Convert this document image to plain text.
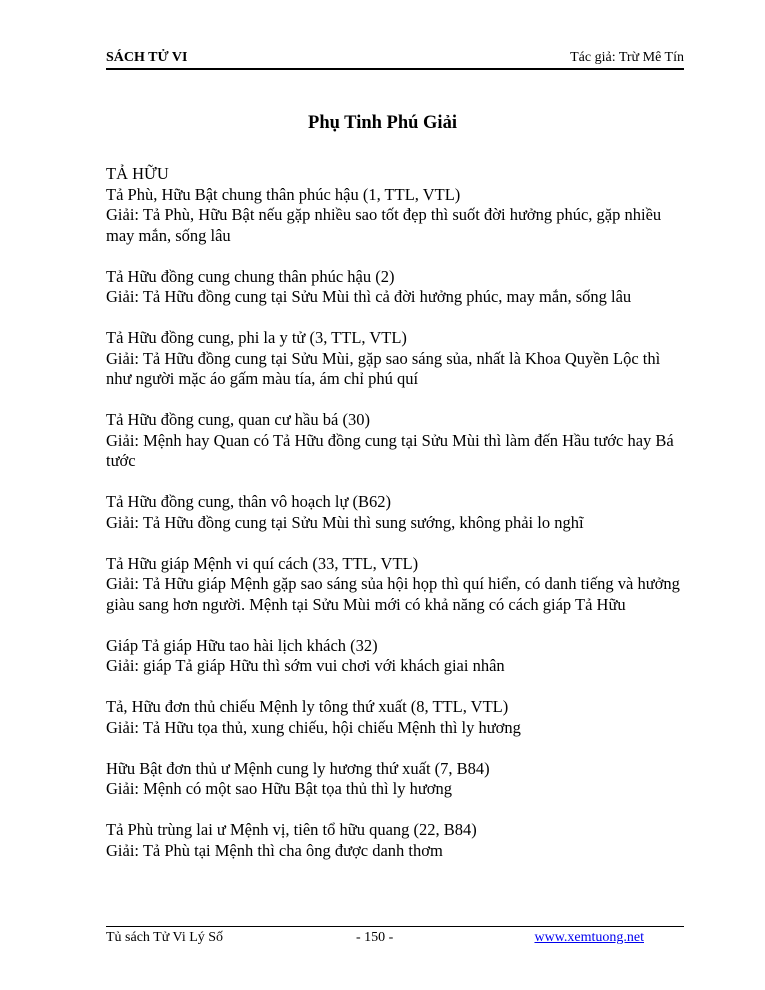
SÁCH TỬ VI	Tác giả: Trừ Mê Tín
Phụ Tinh Phú Giải
TẢ HỮU

Tả Phù, Hữu Bật chung thân phúc hậu (1, TTL, VTL)
Giải: Tả Phù, Hữu Bật nếu gặp nhiều sao tốt đẹp thì suốt đời hưởng phúc, gặp nhiều may mắn, sống lâu

Tả Hữu đồng cung chung thân phúc hậu (2)
Giải: Tả Hữu đồng cung tại Sửu Mùi thì cả đời hưởng phúc, may mắn, sống lâu

Tả Hữu đồng cung, phi la y tử (3, TTL, VTL)
Giải: Tả Hữu đồng cung tại Sửu Mùi, gặp sao sáng sủa, nhất là Khoa Quyền Lộc thì như người mặc áo gấm màu tía, ám chỉ phú quí

Tả Hữu đồng cung, quan cư hầu bá (30)
Giải: Mệnh hay Quan có Tả Hữu đồng cung tại Sửu Mùi thì làm đến Hầu tước hay Bá tước

Tả Hữu đồng cung, thân vô hoạch lự (B62)
Giải: Tả Hữu đồng cung tại Sửu Mùi thì sung sướng, không phải lo nghĩ

Tả Hữu giáp Mệnh vi quí cách (33, TTL, VTL)
Giải: Tả Hữu giáp Mệnh gặp sao sáng sủa hội họp thì quí hiển, có danh tiếng và hưởng giàu sang hơn người. Mệnh tại Sửu Mùi mới có khả năng có cách giáp Tả Hữu

Giáp Tả giáp Hữu tao hài lịch khách (32)
Giải: giáp Tả giáp Hữu thì sớm vui chơi với khách giai nhân

Tả, Hữu đơn thủ chiếu Mệnh ly tông thứ xuất (8, TTL, VTL)
Giải: Tả Hữu tọa thủ, xung chiếu, hội chiếu Mệnh thì ly hương

Hữu Bật đơn thủ ư Mệnh cung ly hương thứ xuất (7, B84)
Giải: Mệnh có một sao Hữu Bật tọa thủ thì ly hương

Tả Phù trùng lai ư Mệnh vị, tiên tổ hữu quang (22, B84)
Giải: Tả Phù tại Mệnh thì cha ông được danh thơm

Tủ sách Tử Vi Lý Số	- 150 -	www.xemtuong.net
